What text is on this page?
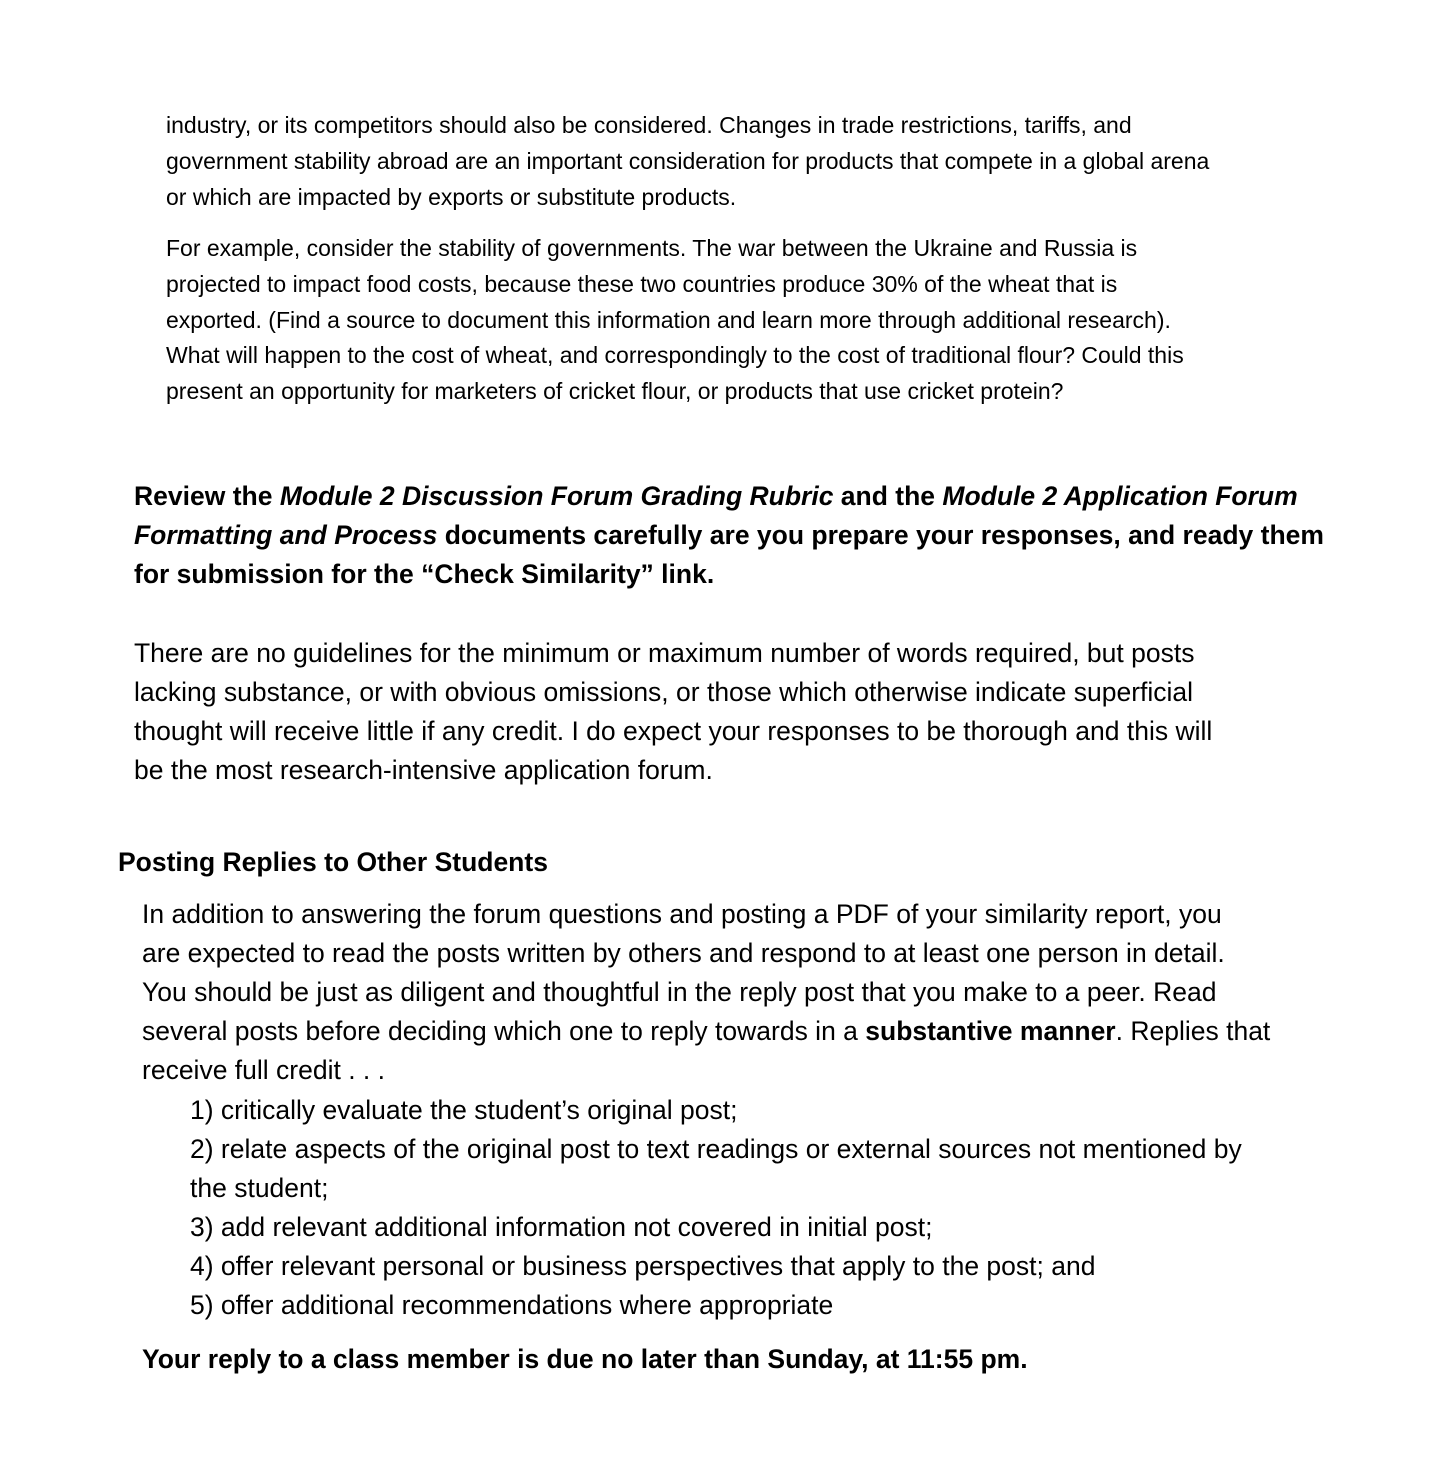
industry, or its competitors should also be considered. Changes in trade restrictions, tariffs, and
government stability abroad are an important consideration for products that compete in a global arena
or which are impacted by exports or substitute products.

For example, consider the stability of governments. The war between the Ukraine and Russia is
projected to impact food costs, because these two countries produce 30% of the wheat that is
exported. (Find a source to document this information and learn more through additional research).
What will happen to the cost of wheat, and correspondingly to the cost of traditional flour? Could this
present an opportunity for marketers of cricket flour, or products that use cricket protein?

Review the Module 2 Discussion Forum Grading Rubric and the Module 2 Application Forum
Formatting and Process documents carefully are you prepare your responses, and ready them
for submission for the “Check Similarity” link.

There are no guidelines for the minimum or maximum number of words required, but posts
lacking substance, or with obvious omissions, or those which otherwise indicate superficial
thought will receive little if any credit. I do expect your responses to be thorough and this will
be the most research-intensive application forum.

Posting Replies to Other Students

In addition to answering the forum questions and posting a PDF of your similarity report, you
are expected to read the posts written by others and respond to at least one person in detail.
You should be just as diligent and thoughtful in the reply post that you make to a peer. Read
several posts before deciding which one to reply towards in a substantive manner. Replies that
receive full credit . . .

1) critically evaluate the student’s original post;
2) relate aspects of the original post to text readings or external sources not mentioned by
the student;
3) add relevant additional information not covered in initial post;
4) offer relevant personal or business perspectives that apply to the post; and
5) offer additional recommendations where appropriate

Your reply to a class member is due no later than Sunday, at 11:55 pm.
